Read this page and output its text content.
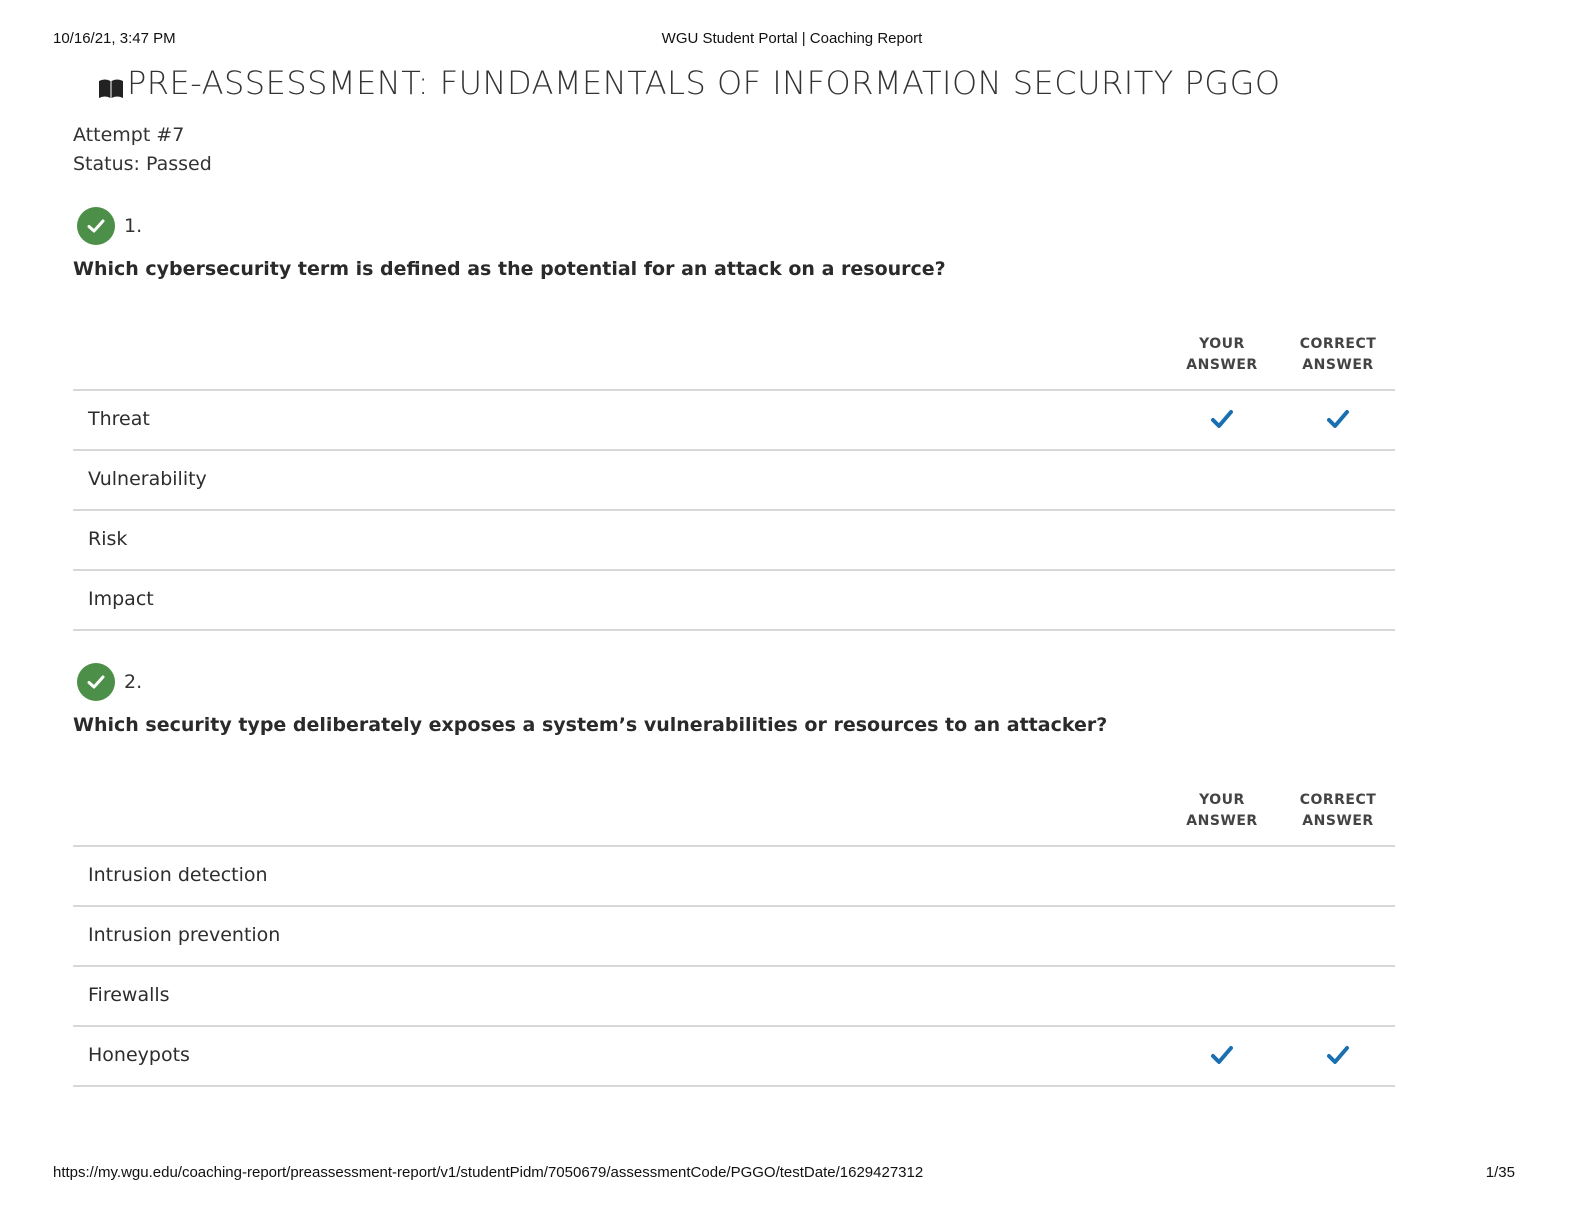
10/16/21, 3:47 PM	WGU Student Portal | Coaching Report
PRE-ASSESSMENT: FUNDAMENTALS OF INFORMATION SECURITY PGGO
Attempt #7
Status: Passed
1.
Which cybersecurity term is defined as the potential for an attack on a resource?
YOUR
ANSWER
CORRECT
ANSWER
Threat
Vulnerability
Risk
Impact
2.
Which security type deliberately exposes a system’s vulnerabilities or resources to an attacker?
YOUR
ANSWER
CORRECT
ANSWER
Intrusion detection
Intrusion prevention
Firewalls
Honeypots
https://my.wgu.edu/coaching-report/preassessment-report/v1/studentPidm/7050679/assessmentCode/PGGO/testDate/1629427312	1/35
